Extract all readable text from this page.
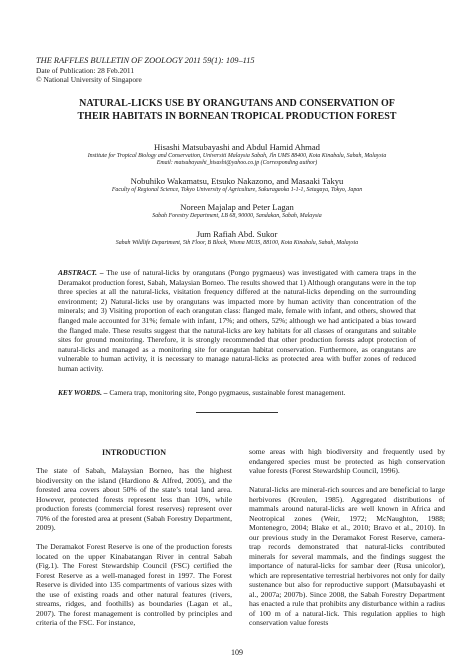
THE RAFFLES BULLETIN OF ZOOLOGY 2011 59(1): 109–115
Date of Publication: 28 Feb.2011
© National University of Singapore
NATURAL-LICKS USE BY ORANGUTANS AND CONSERVATION OF
THEIR HABITATS IN BORNEAN TROPICAL PRODUCTION FOREST
Hisashi Matsubayashi and Abdul Hamid Ahmad
Institute for Tropical Biology and Conservation, Universiti Malaysia Sabah, Jln UMS 88400, Kota Kinabalu, Sabah, Malaysia
Email: matsubayashi_hisashi@yahoo.co.jp (Corresponding author)
Nobuhiko Wakamatsu, Etsuko Nakazono, and Masaaki Takyu
Faculty of Regional Science, Tokyo University of Agriculture, Sakuragaoka 1-1-1, Setagaya, Tokyo, Japan
Noreen Majalap and Peter Lagan
Sabah Forestry Department, LB 68, 90000, Sandakan, Sabah, Malaysia
Jum Rafiah Abd. Sukor
Sabah Wildlife Department, 5th Floor, B Block, Wisma MUIS, 88100, Kota Kinabalu, Sabah, Malaysia
ABSTRACT. – The use of natural-licks by orangutans (Pongo pygmaeus) was investigated with camera traps in the Deramakot production forest, Sabah, Malaysian Borneo. The results showed that 1) Although orangutans were in the top three species at all the natural-licks, visitation frequency differed at the natural-licks depending on the surrounding environment; 2) Natural-licks use by orangutans was impacted more by human activity than concentration of the minerals; and 3) Visiting proportion of each orangutan class: flanged male, female with infant, and others, showed that flanged male accounted for 31%; female with infant, 17%; and others, 52%; although we had anticipated a bias toward the flanged male. These results suggest that the natural-licks are key habitats for all classes of orangutans and suitable sites for ground monitoring. Therefore, it is strongly recommended that other production forests adopt protection of natural-licks and managed as a monitoring site for orangutan habitat conservation. Furthermore, as orangutans are vulnerable to human activity, it is necessary to manage natural-licks as protected area with buffer zones of reduced human activity.
KEY WORDS. – Camera trap, monitoring site, Pongo pygmaeus, sustainable forest management.
INTRODUCTION

The state of Sabah, Malaysian Borneo, has the highest biodiversity on the island (Hardiono & Alfred, 2005), and the forested area covers about 50% of the state’s total land area. However, protected forests represent less than 10%, while production forests (commercial forest reserves) represent over 70% of the forested area at present (Sabah Forestry Department, 2009).

The Deramakot Forest Reserve is one of the production forests located on the upper Kinabatangan River in central Sabah (Fig.1). The Forest Stewardship Council (FSC) certified the Forest Reserve as a well-managed forest in 1997. The Forest Reserve is divided into 135 compartments of various sizes with the use of existing roads and other natural features (rivers, streams, ridges, and foothills) as boundaries (Lagan et al., 2007). The forest management is controlled by principles and criteria of the FSC. For instance,

some areas with high biodiversity and frequently used by endangered species must be protected as high conservation value forests (Forest Stewardship Council, 1996).

Natural-licks are mineral-rich sources and are beneficial to large herbivores (Kreulen, 1985). Aggregated distributions of mammals around natural-licks are well known in Africa and Neotropical zones (Weir, 1972; McNaughton, 1988; Montenegro, 2004; Blake et al., 2010; Bravo et al., 2010). In our previous study in the Deramakot Forest Reserve, camera-trap records demonstrated that natural-licks contributed minerals for several mammals, and the findings suggest the importance of natural-licks for sambar deer (Rusa unicolor), which are representative terrestrial herbivores not only for daily sustenance but also for reproductive support (Matsubayashi et al., 2007a; 2007b). Since 2008, the Sabah Forestry Department has enacted a rule that prohibits any disturbance within a radius of 100 m of a natural-lick. This regulation applies to high conservation value forests

109
